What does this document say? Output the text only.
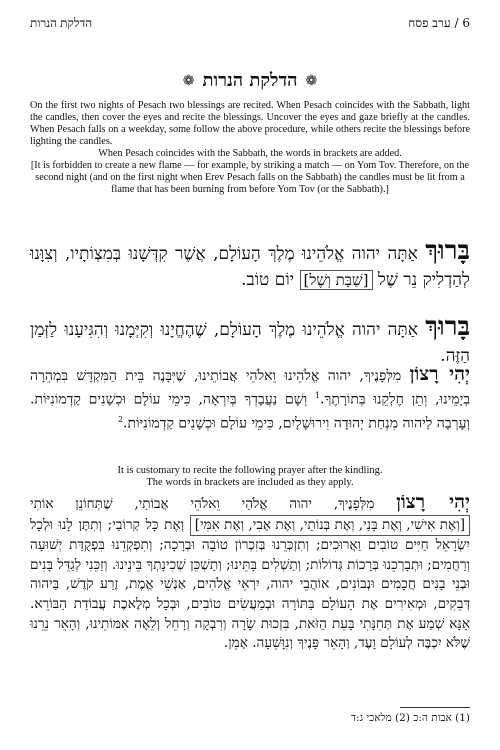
6 / ערב פסח
הדלקת הנרות
❁
הדלקת הנרות
❁

On the first two nights of Pesach two blessings are recited. When Pesach coincides with the Sabbath, light the candles, then cover the eyes and recite the blessings. Uncover the eyes and gaze briefly at the candles. When Pesach falls on a weekday, some follow the above procedure, while others recite the blessings before lighting the candles.

When Pesach coincides with the Sabbath, the words in brackets are added.

[It is forbidden to create a new flame — for example, by striking a match — on Yom Tov. Therefore, on the second night (and on the first night when Erev Pesach falls on the Sabbath) the candles must be lit from a flame that has been burning from before Yom Tov (or the Sabbath).]

בָּרוּךְ אַתָּה יהוה אֱלֹהֵינוּ מֶלֶךְ הָעוֹלָם, אֲשֶׁר קִדְּשָׁנוּ בְּמִצְוֹתָיו, וְצִוָּנוּ לְהַדְלִיק נֵר שֶׁל [שַׁבָּת וְשֶׁל] יוֹם טוֹב.
בָּרוּךְ אַתָּה יהוה אֱלֹהֵינוּ מֶלֶךְ הָעוֹלָם, שֶׁהֶחֱיָנוּ וְקִיְּמָנוּ וְהִגִּיעָנוּ לַזְּמַן הַזֶּה.
יְהִי רָצוֹן מִלְּפָנֶיךָ, יהוה אֱלֹהֵינוּ וֵאלֹהֵי אֲבוֹתֵינוּ, שֶׁיִּבָּנֶה בֵּית הַמִּקְדָּשׁ בִּמְהֵרָה בְיָמֵינוּ, וְתֵן חֶלְקֵנוּ בְּתוֹרָתֶךָ.$^1$ וְשָׁם נַעֲבָדְךָ בְּיִרְאָה, כִּימֵי עוֹלָם וּכְשָׁנִים קַדְמוֹנִיּוֹת. וְעָרְבָה לַיהוה מִנְחַת יְהוּדָה וִירוּשָׁלָיִם, כִּימֵי עוֹלָם וּכְשָׁנִים קַדְמוֹנִיּוֹת.$^2$

It is customary to recite the following prayer after the kindling.

The words in brackets are included as they apply.

יְהִי רָצוֹן מִלְּפָנֶיךָ, יהוה אֱלֹהַי וֵאלֹהֵי אֲבוֹתַי, שֶׁתְּחוֹנֵן אוֹתִי [וְאֶת אִישִׁי, וְאֶת בָּנַי, וְאֶת בְּנוֹתַי, וְאֶת אָבִי, וְאֶת אִמִּי] וְאֶת כָּל קְרוֹבַי; וְתִתֶּן לָנוּ וּלְכָל יִשְׂרָאֵל חַיִּים טוֹבִים וַאֲרוּכִים; וְתִזְכְּרֵנוּ בְּזִכְרוֹן טוֹבָה וּבְרָכָה; וְתִפְקְדֵנוּ בִּפְקֻדַּת יְשׁוּעָה וְרַחֲמִים; וּתְבָרְכֵנוּ בְּרָכוֹת גְּדוֹלוֹת; וְתַשְׁלִים בָּתֵּינוּ; וְתַשְׁכֵּן שְׁכִינָתְךָ בֵּינֵינוּ. וְזַכֵּנִי לְגַדֵּל בָּנִים וּבְנֵי בָנִים חֲכָמִים וּנְבוֹנִים, אוֹהֲבֵי יהוה, יִרְאֵי אֱלֹהִים, אַנְשֵׁי אֱמֶת, זֶרַע קֹדֶשׁ, בַּיהוה דְּבֵקִים, וּמְאִירִים אֶת הָעוֹלָם בַּתּוֹרָה וּבְמַעֲשִׂים טוֹבִים, וּבְכָל מְלֶאכֶת עֲבוֹדַת הַבּוֹרֵא. אָנָּא שְׁמַע אֶת תְּחִנָּתִי בָּעֵת הַזֹּאת, בִּזְכוּת שָׂרָה וְרִבְקָה וְרָחֵל וְלֵאָה אִמּוֹתֵינוּ, וְהָאֵר נֵרֵנוּ שֶׁלֹּא יִכְבֶּה לְעוֹלָם וָעֶד, וְהָאֵר פָּנֶיךָ וְנִוָּשֵׁעָה. אָמֵן.
(1) אבות ה:כ (2) מלאכי ג:ד
